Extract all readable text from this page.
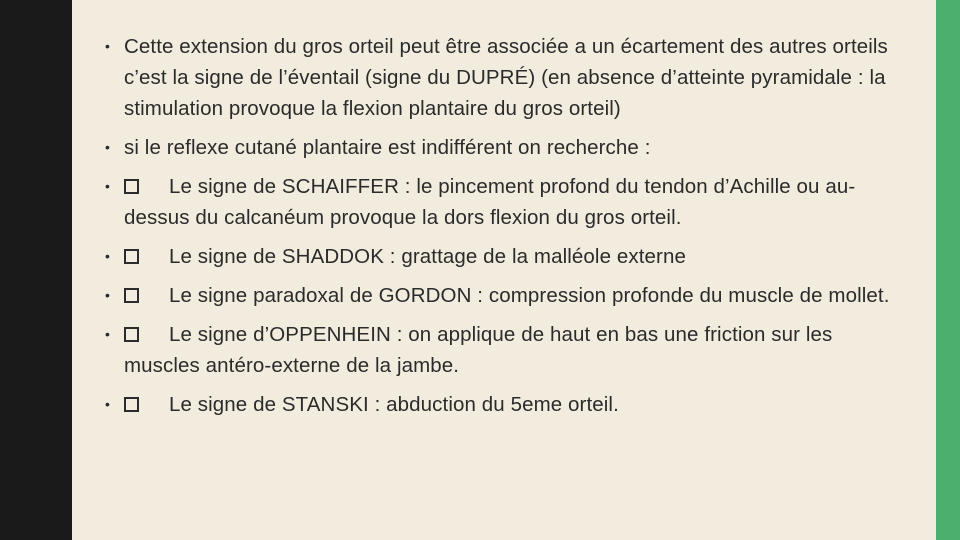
• Cette extension du gros orteil peut être associée a un écartement des autres orteils c’est la signe de l’éventail (signe du DUPRÉ) (en absence d’atteinte pyramidale : la stimulation provoque la flexion plantaire du gros orteil)
• si le reflexe cutané plantaire est indifférent on recherche :
•	Le signe de SCHAIFFER : le pincement profond du tendon d’Achille ou au-dessus du calcanéum provoque la dors flexion du gros orteil.
•	Le signe de SHADDOK : grattage de la malléole externe
•	Le signe paradoxal de GORDON : compression profonde du muscle de mollet.
•	Le signe d’OPPENHEIN : on applique de haut en bas une friction sur les muscles antéro-externe de la jambe.
•	Le signe de STANSKI : abduction du 5eme orteil.
